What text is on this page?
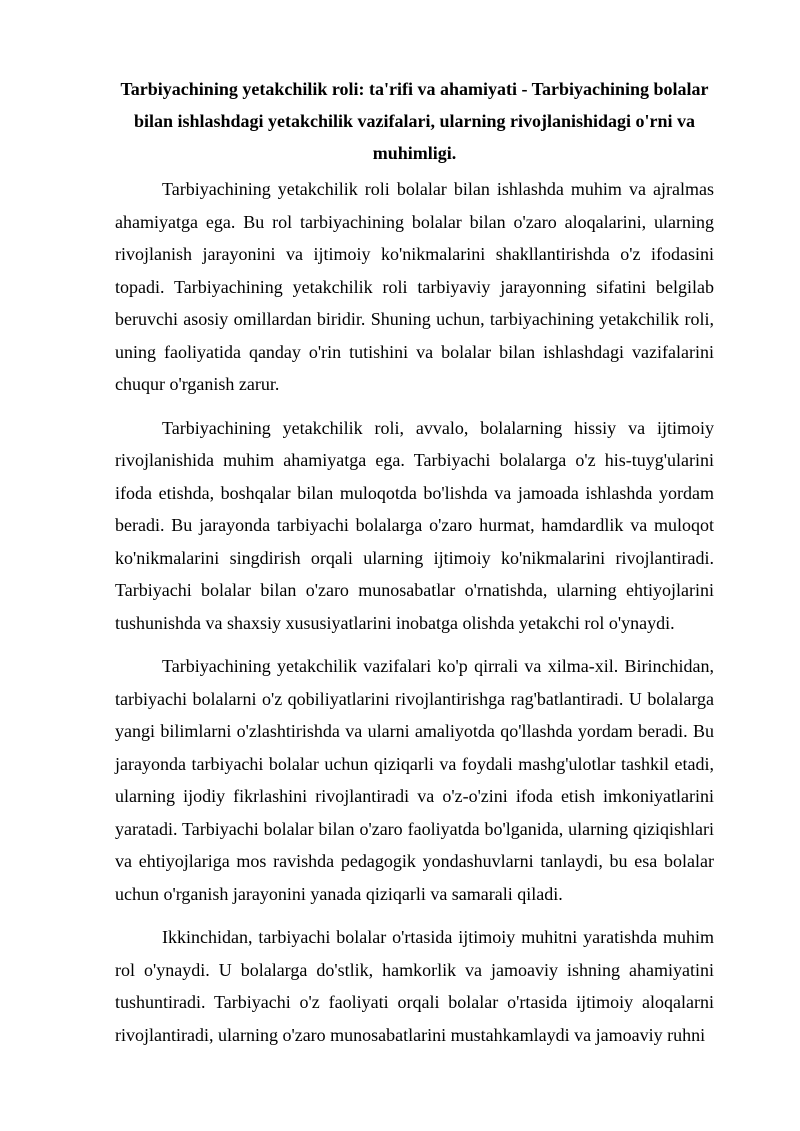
Tarbiyachining yetakchilik roli: ta'rifi va ahamiyati - Tarbiyachining bolalar bilan ishlashdagi yetakchilik vazifalari, ularning rivojlanishidagi o'rni va muhimligi.

Tarbiyachining yetakchilik roli bolalar bilan ishlashda muhim va ajralmas ahamiyatga ega. Bu rol tarbiyachining bolalar bilan o'zaro aloqalarini, ularning rivojlanish jarayonini va ijtimoiy ko'nikmalarini shakllantirishda o'z ifodasini topadi. Tarbiyachining yetakchilik roli tarbiyaviy jarayonning sifatini belgilab beruvchi asosiy omillardan biridir. Shuning uchun, tarbiyachining yetakchilik roli, uning faoliyatida qanday o'rin tutishini va bolalar bilan ishlashdagi vazifalarini chuqur o'rganish zarur.

Tarbiyachining yetakchilik roli, avvalo, bolalarning hissiy va ijtimoiy rivojlanishida muhim ahamiyatga ega. Tarbiyachi bolalarga o'z his-tuyg'ularini ifoda etishda, boshqalar bilan muloqotda bo'lishda va jamoada ishlashda yordam beradi. Bu jarayonda tarbiyachi bolalarga o'zaro hurmat, hamdardlik va muloqot ko'nikmalarini singdirish orqali ularning ijtimoiy ko'nikmalarini rivojlantiradi. Tarbiyachi bolalar bilan o'zaro munosabatlar o'rnatishda, ularning ehtiyojlarini tushunishda va shaxsiy xususiyatlarini inobatga olishda yetakchi rol o'ynaydi.

Tarbiyachining yetakchilik vazifalari ko'p qirrali va xilma-xil. Birinchidan, tarbiyachi bolalarni o'z qobiliyatlarini rivojlantirishga rag'batlantiradi. U bolalarga yangi bilimlarni o'zlashtirishda va ularni amaliyotda qo'llashda yordam beradi. Bu jarayonda tarbiyachi bolalar uchun qiziqarli va foydali mashg'ulotlar tashkil etadi, ularning ijodiy fikrlashini rivojlantiradi va o'z-o'zini ifoda etish imkoniyatlarini yaratadi. Tarbiyachi bolalar bilan o'zaro faoliyatda bo'lganida, ularning qiziqishlari va ehtiyojlariga mos ravishda pedagogik yondashuvlarni tanlaydi, bu esa bolalar uchun o'rganish jarayonini yanada qiziqarli va samarali qiladi.

Ikkinchidan, tarbiyachi bolalar o'rtasida ijtimoiy muhitni yaratishda muhim rol o'ynaydi. U bolalarga do'stlik, hamkorlik va jamoaviy ishning ahamiyatini tushuntiradi. Tarbiyachi o'z faoliyati orqali bolalar o'rtasida ijtimoiy aloqalarni rivojlantiradi, ularning o'zaro munosabatlarini mustahkamlaydi va jamoaviy ruhni
